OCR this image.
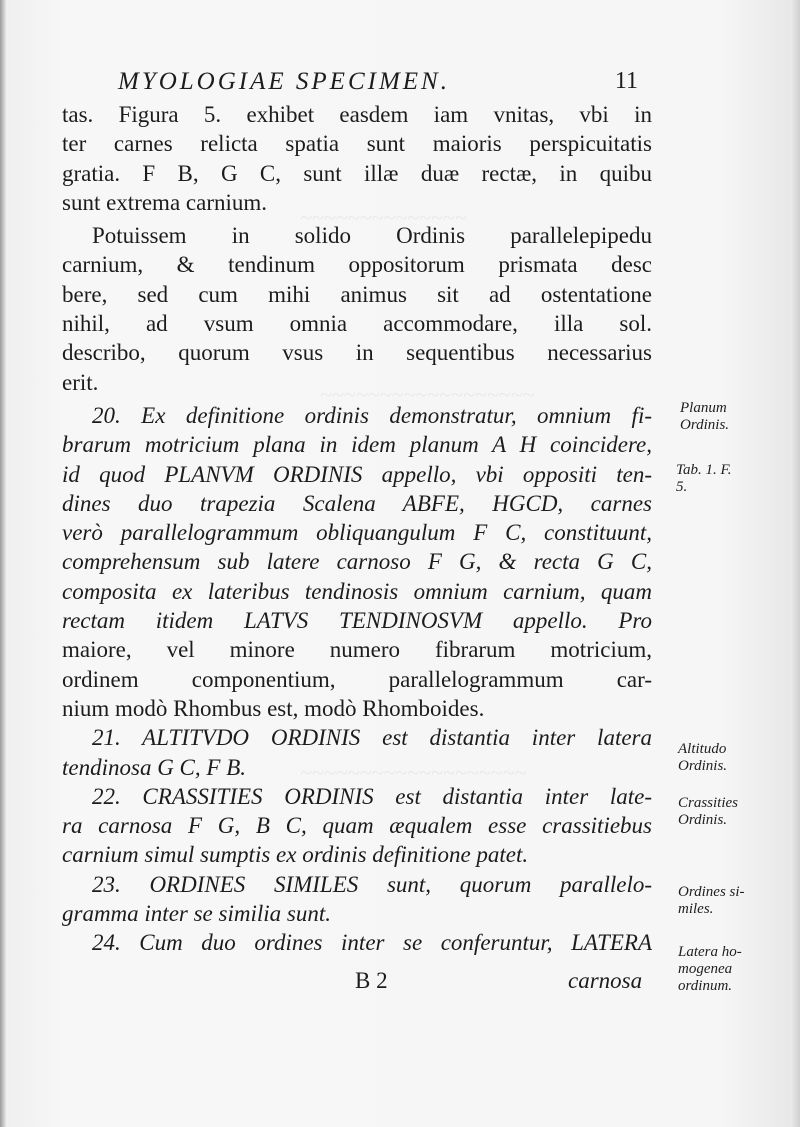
~~~~~~~~~~~~~~
~~~~~~~~~~~~~~~~~~
~~~~~~~~~~~~~~~~~~~
MYOLOGIAE SPECIMEN.	11
tas. Figura 5. exhibet easdem iam vnitas, vbi in
ter carnes relicta spatia sunt maioris perspicuitatis
gratia. F B, G C, sunt illæ duæ rectæ, in quibu
sunt extrema carnium.
Potuissem in solido Ordinis parallelepipedu
carnium, & tendinum oppositorum prismata desc
bere, sed cum mihi animus sit ad ostentatione
nihil, ad vsum omnia accommodare, illa sol.
describo, quorum vsus in sequentibus necessarius
erit.
20. Ex definitione ordinis demonstratur, omnium fi-
brarum motricium plana in idem planum A H coincidere,
id quod PLANVM ORDINIS appello, vbi oppositi ten-
dines duo trapezia Scalena ABFE, HGCD, carnes
verò parallelogrammum obliquangulum F C, constituunt,
comprehensum sub latere carnoso F G, & recta G C,
composita ex lateribus tendinosis omnium carnium, quam
rectam itidem LATVS TENDINOSVM appello. Pro
maiore, vel minore numero fibrarum motricium,
ordinem componentium, parallelogrammum car-
nium modò Rhombus est, modò Rhomboides.
21. ALTITVDO ORDINIS est distantia inter latera
tendinosa G C, F B.
22. CRASSITIES ORDINIS est distantia inter late-
ra carnosa F G, B C, quam æqualem esse crassitiebus
carnium simul sumptis ex ordinis definitione patet.
23. ORDINES SIMILES sunt, quorum parallelo-
gramma inter se similia sunt.
24. Cum duo ordines inter se conferuntur, LATERA
B 2	carnosa
Planum
Ordinis.
Tab. 1. F.
5.
Altitudo
Ordinis.
Crassities
Ordinis.
Ordines si-
miles.
Latera ho-
mogenea
ordinum.
